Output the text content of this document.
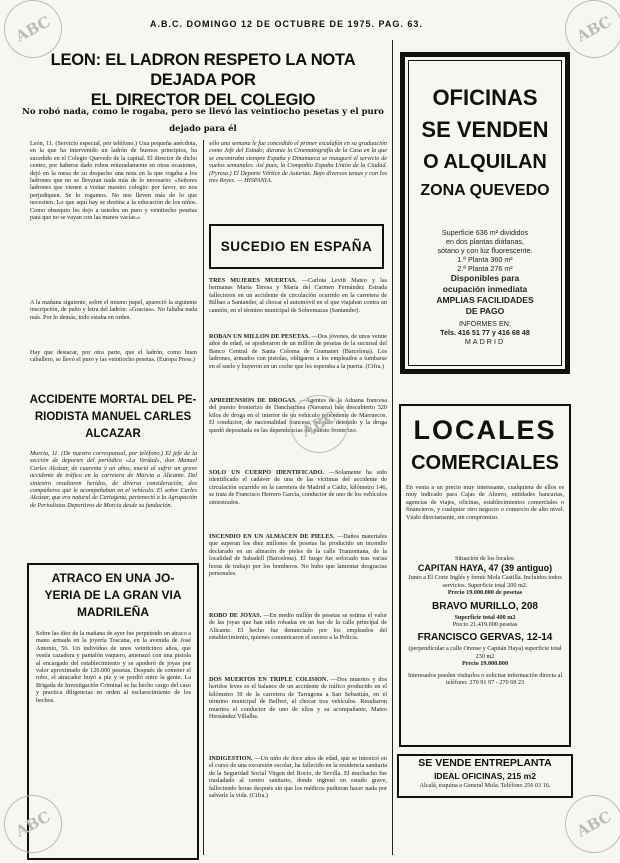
A.B.C. DOMINGO 12 DE OCTUBRE DE 1975. PAG. 63.
LEON: EL LADRON RESPETO LA NOTA DEJADA POR
EL DIRECTOR DEL COLEGIO
No robó nada, como le rogaba, pero se llevó las veintiocho pesetas y el puro
dejado para él
León, 11. (Servicio especial, por teléfono.) Una pequeña anécdota, en la que ha intervenido un ladrón de buenos principios, ha sucedido en el Colegio Quevedo de la capital. El director de dicho centro, por haberse dado robos reiteradamente en otras ocasiones, dejó en la mesa de su despacho una nota en la que rogaba a los ladrones que no se llevaran nada más de lo necesario: «Señores ladrones que vienen a visitar nuestro colegio: por favor, no nos perjudiquen. Se lo rogamos. No nos lleven más de lo que necesiten. Lo que aquí hay se destina a la educación de los niños. Como obsequio les dejo a ustedes un puro y veintiocho pesetas para que no se vayan con las manos vacías.»
A la mañana siguiente, sobre el mismo papel, apareció la siguiente inscripción, de puño y letra del ladrón: «Gracias». No faltaba nada más. Por lo demás, todo estaba en orden.
Hay que destacar, por otra parte, que el ladrón, como buen caballero, se llevó el puro y las veintiocho pesetas. (Europa Press.)
ACCIDENTE MORTAL DEL PE-
RIODISTA MANUEL CARLES
ALCAZAR
Murcia, 11. (De nuestro corresponsal, por teléfono.) El jefe de la sección de deportes del periódico «La Verdad», don Manuel Carles Alcázar, de cuarenta y un años, murió al sufrir un grave accidente de tráfico en la carretera de Murcia a Alicante. Del siniestro resultaron heridos, de diversa consideración, dos compañeros que le acompañaban en el vehículo. El señor Carles Alcázar, que era natural de Cartagena, perteneció a la Agrupación de Periodistas Deportivos de Murcia desde su fundación.
ATRACO EN UNA JO-
YERIA DE LA GRAN VIA
MADRILEÑA
Sobre las diez de la mañana de ayer fue perpetrado un atraco a mano armada en la joyería Toscana, en la avenida de José Antonio, 56. Un individuo de unos veinticinco años, que vestía cazadora y pantalón vaquero, amenazó con una pistola al encargado del establecimiento y se apoderó de joyas por valor aproximado de 120.000 pesetas. Después de cometer el robo, el atracador huyó a pie y se perdió entre la gente. La Brigada de Investigación Criminal se ha hecho cargo del caso y practica diligencias en orden al esclarecimiento de los hechos.
sólo una semana le fue concedido el primer escalafón en su graduación como Jefe del Estado; durante la Cinematografía de la Casa en la que se encontraba siempre España y Dinamarca se inauguró el servicio de vuelos semanales. Así pues, la Compañía España Unión de la Ciudad. (Pyresa.) El Deporte Vértice de Asturias. Bajo diversos temas y con los tres Reyes. — HISPANIA.
SUCEDIO EN ESPAÑA
TRES MUJERES MUERTAS. —Carlota Levitt Mateo y las hermanas María Teresa y María del Carmen Fernández Estrada fallecieron en un accidente de circulación ocurrido en la carretera de Bilbao a Santander, al chocar el automóvil en el que viajaban contra un camión, en el término municipal de Sobremazas (Santander).
ROBAN UN MILLON DE PESETAS. —Dos jóvenes, de unos veinte años de edad, se apoderaron de un millón de pesetas de la sucursal del Banco Central de Santa Coloma de Gramanet (Barcelona). Los ladrones, armados con pistolas, obligaron a los empleados a tumbarse en el suelo y huyeron en un coche que les esperaba a la puerta. (Cifra.)
APREHENSION DE DROGAS. —Agentes de la Aduana francesa del puesto fronterizo de Dancharinea (Navarra) han descubierto 520 kilos de droga en el interior de un vehículo procedente de Marruecos. El conductor, de nacionalidad francesa, ha sido detenido y la droga quedó depositada en las dependencias del puesto fronterizo.
SOLO UN CUERPO IDENTIFICADO. —Solamente ha sido identificado el cadáver de una de las víctimas del accidente de circulación ocurrido en la carretera de Madrid a Cádiz, kilómetro 146, se trata de Francisco Herrero García, conductor de uno de los vehículos siniestrados.
INCENDIO EN UN ALMACEN DE PIELES. —Daños materiales que superan los diez millones de pesetas ha producido un incendio declarado en un almacén de pieles de la calle Tramontana, de la localidad de Sabadell (Barcelona). El fuego fue sofocado tras varias horas de trabajo por los bomberos. No hubo que lamentar desgracias personales.
ROBO DE JOYAS. —En medio millón de pesetas se estima el valor de las joyas que han sido robadas en un bar de la calle principal de Alicante. El hecho fue denunciado por los empleados del establecimiento, quienes comunicaron el suceso a la Policía.
DOS MUERTOS EN TRIPLE COLISION. —Dos muertos y dos heridos leves es el balance de un accidente de tráfico producido en el kilómetro 39 de la carretera de Tarragona a San Sebastián, en el término municipal de Bellvei, al chocar tres vehículos. Resultaron muertos el conductor de uno de ellos y su acompañante, Mateo Hernández Villalba.
INDIGESTION. —Un niño de doce años de edad, que se intoxicó en el curso de una excursión escolar, ha fallecido en la residencia sanitaria de la Seguridad Social Virgen del Rocío, de Sevilla. El muchacho fue trasladado al centro sanitario, donde ingresó en estado grave, falleciendo horas después sin que los médicos pudieran hacer nada por salvarle la vida. (Cifra.)
OFICINAS
SE VENDEN
O ALQUILAN
ZONA QUEVEDO
Superficie 636 m² divididos
en dos plantas diáfanas,
sótano y con luz fluorescente.
1.ª Planta 360 m²
2.ª Planta 276 m²
Disponibles para
ocupación inmediata
AMPLIAS FACILIDADES
DE PAGO
INFORMES EN:
Tels. 416 51 77 y 416 68 48
MADRID
LOCALES
COMERCIALES
En venta a un precio muy interesante, cualquiera de ellos es muy indicado para Cajas de Ahorro, entidades bancarias, agencias de viajes, oficinas, establecimientos comerciales o financieros, y cualquier otro negocio o comercio de alto nivel. Véalo directamente, sin compromiso.
Situación de los locales:
CAPITAN HAYA, 47 (39 antiguo)
Junto a El Corte Inglés y frente Mola Castilla. Incluidos todos servicios. Superficie total 200 m2.
Precio 19.000.000 de pesetas
BRAVO MURILLO, 208
Superficie total 400 m2
Precio 21.419.000 pesetas
FRANCISCO GERVAS, 12-14
(perpendicular a calle Orense y Capitán Haya) superficie total 230 m2
Precio 19.000.000
Interesados pueden visitarlos o solicitar información directa al teléfono: 270 91 97 - 270 69 23
SE VENDE ENTREPLANTA
IDEAL OFICINAS, 215 m2
Alcalá, esquina a General Mola. Teléfono 256 03 16.
ABC	ABC
ABC
ABC	ABC
